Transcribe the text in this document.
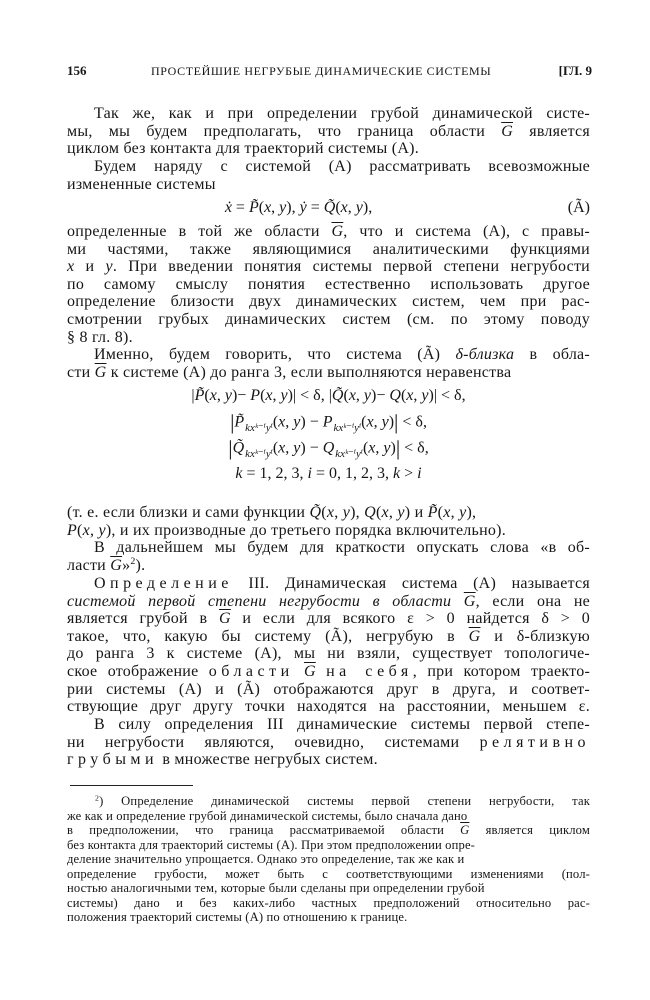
156	ПРОСТЕЙШИЕ НЕГРУБЫЕ ДИНАМИЧЕСКИЕ СИСТЕМЫ	[ГЛ. 9
Так же, как и при определении грубой динамической систе-
мы, мы будем предполагать, что граница области $\overline{G}$ является
циклом без контакта для траекторий системы (A).
Будем наряду с системой (A) рассматривать всевозможные
измененные системы
ẋ = P̃(x, y), ẏ = Q̃(x, y),	(Ã)
определенные в той же области $\overline{G}$, что и система (A), с правы-
ми частями, также являющимися аналитическими функциями
x и y. При введении понятия системы первой степени негрубости
по самому смыслу понятия естественно использовать другое
определение близости двух динамических систем, чем при рас-
смотрении грубых динамических систем (см. по этому поводу
§ 8 гл. 8).
Именно, будем говорить, что система (Ã) δ-близка в обла-
сти $\overline{G}$ к системе (A) до ранга 3, если выполняются неравенства
|P̃(x, y)− P(x, y)| < δ, |Q̃(x, y)− Q(x, y)| < δ,
|P̃kxᵏ⁻ⁱyⁱ(x, y) − Pkxᵏ⁻ⁱyⁱ(x, y)| < δ,
|Q̃kxᵏ⁻ⁱyⁱ(x, y) − Qkxᵏ⁻ⁱyⁱ(x, y)| < δ,
k = 1, 2, 3, i = 0, 1, 2, 3, k > i
(т. е. если близки и сами функции Q̃(x, y), Q(x, y) и P̃(x, y),
P(x, y), и их производные до третьего порядка включительно).
В дальнейшем мы будем для краткости опускать слова «в об-
ласти $\overline{G}»^2$).
Определение III. Динамическая система (A) называется
системой первой степени негрубости в области $\overline{G}$, если она не
является грубой в $\overline{G}$ и если для всякого ε > 0 найдется δ > 0
такое, что, какую бы систему (Ã), негрубую в $\overline{G}$ и δ-близкую
до ранга 3 к системе (A), мы ни взяли, существует топологиче-
ское отображение области $\overline{G}$ на себя, при котором траекто-
рии системы (A) и (Ã) отображаются друг в друга, и соответ-
ствующие друг другу точки находятся на расстоянии, меньшем ε.
В силу определения III динамические системы первой степе-
ни негрубости являются, очевидно, системами релятивно
грубыми в множестве негрубых систем.
$^2$) Определение динамической системы первой степени негрубости, так
же как и определение грубой динамической системы, было сначала дано
в предположении, что граница рассматриваемой области $\overline{G}$ является циклом
без контакта для траекторий системы (A). При этом предположении опре-
деление значительно упрощается. Однако это определение, так же как и
определение грубости, может быть с соответствующими изменениями (пол-
ностью аналогичными тем, которые были сделаны при определении грубой
системы) дано и без каких-либо частных предположений относительно рас-
положения траекторий системы (A) по отношению к границе.
